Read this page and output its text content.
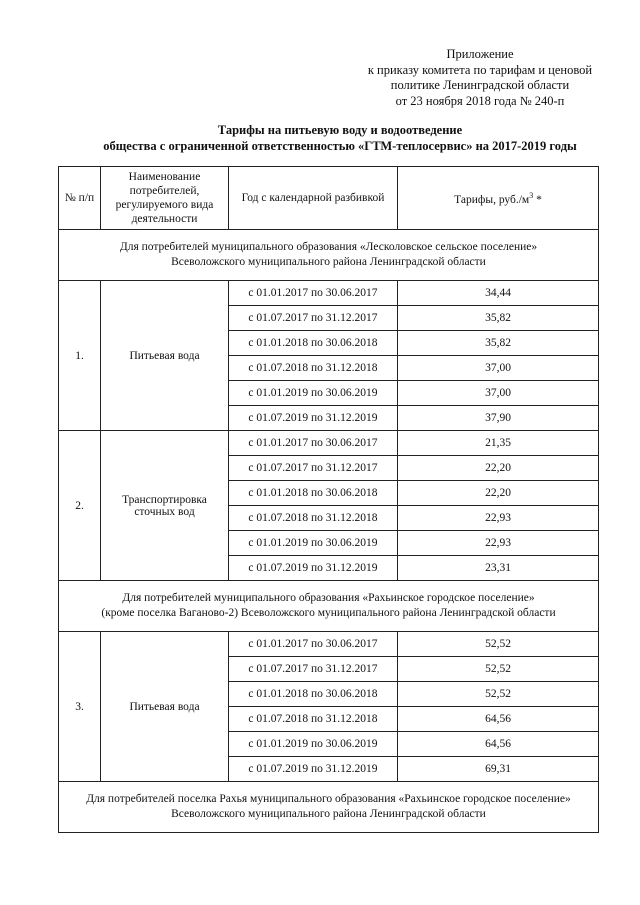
Приложение
к приказу комитета по тарифам и ценовой
политике Ленинградской области
от 23 ноября 2018 года № 240-п
Тарифы на питьевую воду и водоотведение
общества с ограниченной ответственностью «ГТМ-теплосервис» на 2017-2019 годы
№ п/п	Наименование потребителей, регулируемого вида деятельности	Год с календарной разбивкой	Тарифы, $руб./м^3$ *

Для потребителей муниципального образования «Лесколовское сельское поселение»
Всеволожского муниципального района Ленинградской области			

1.	Питьевая вода	с 01.01.2017 по 30.06.2017	34,44
		с 01.07.2017 по 31.12.2017	35,82
		с 01.01.2018 по 30.06.2018	35,82
		с 01.07.2018 по 31.12.2018	37,00
		с 01.01.2019 по 30.06.2019	37,00
		с 01.07.2019 по 31.12.2019	37,90
2.	Транспортировка сточных вод	с 01.01.2017 по 30.06.2017	21,35
		с 01.07.2017 по 31.12.2017	22,20
		с 01.01.2018 по 30.06.2018	22,20
		с 01.07.2018 по 31.12.2018	22,93
		с 01.01.2019 по 30.06.2019	22,93
		с 01.07.2019 по 31.12.2019	23,31

Для потребителей муниципального образования «Рахьинское городское поселение»
(кроме поселка Ваганово-2) Всеволожского муниципального района Ленинградской области			

3.	Питьевая вода	с 01.01.2017 по 30.06.2017	52,52
		с 01.07.2017 по 31.12.2017	52,52
		с 01.01.2018 по 30.06.2018	52,52
		с 01.07.2018 по 31.12.2018	64,56
		с 01.01.2019 по 30.06.2019	64,56
		с 01.07.2019 по 31.12.2019	69,31

Для потребителей поселка Рахья муниципального образования «Рахьинское городское поселение»
Всеволожского муниципального района Ленинградской области			
